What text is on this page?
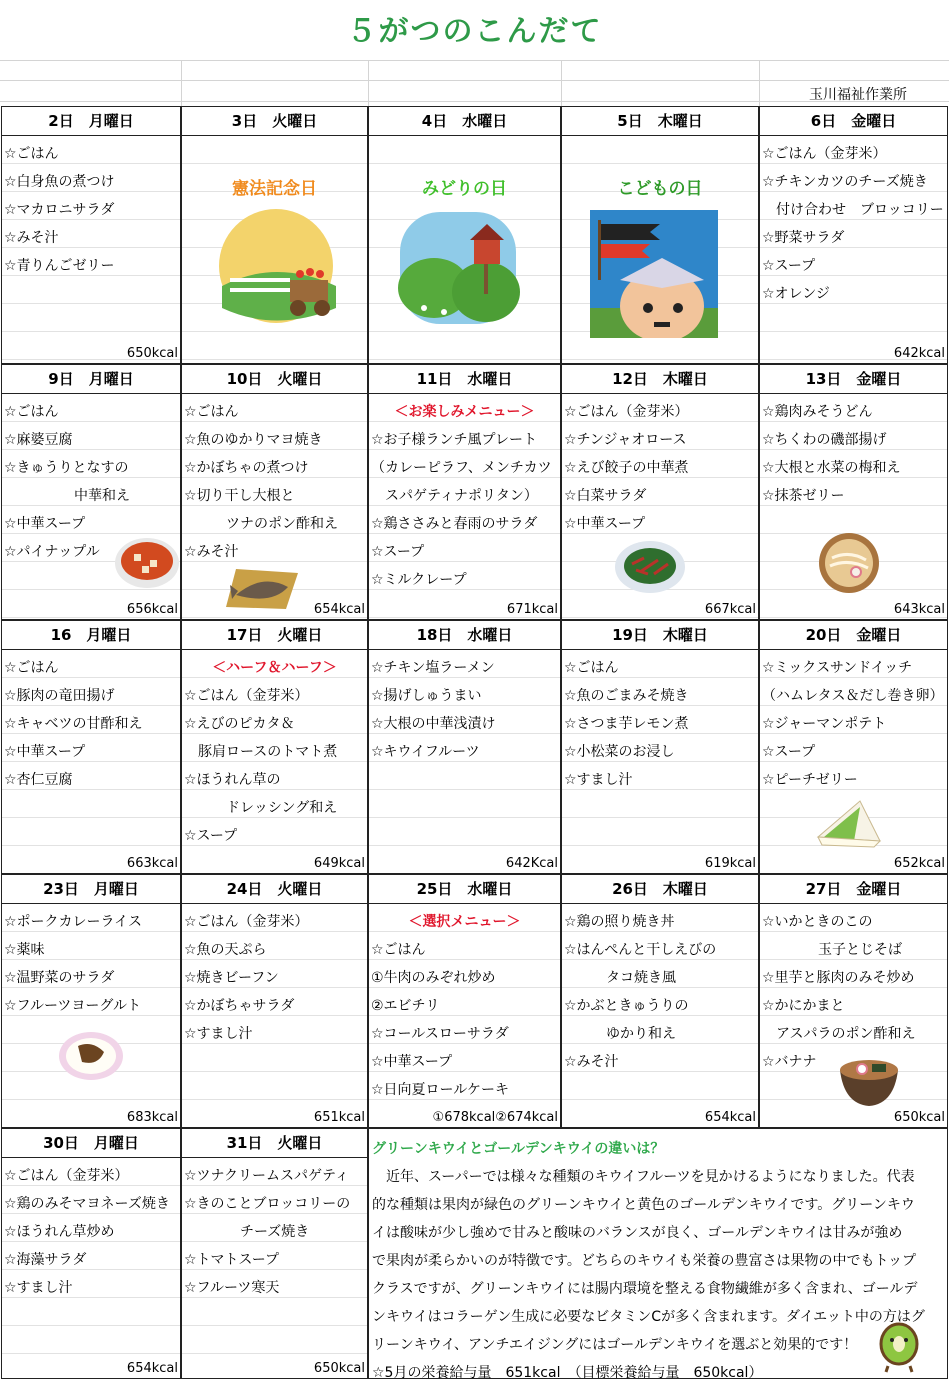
５がつのこんだて
玉川福祉作業所
2日　月曜日
☆ごはん
☆白身魚の煮つけ
☆マカロニサラダ
☆みそ汁
☆青りんごゼリー
650kcal
3日　火曜日
憲法記念日
4日　水曜日
みどりの日
5日　木曜日
こどもの日
6日　金曜日
☆ごはん（金芽米）
☆チキンカツのチーズ焼き
　付け合わせ　ブロッコリー
☆野菜サラダ
☆スープ
☆オレンジ
642kcal
9日　月曜日
☆ごはん
☆麻婆豆腐
☆きゅうりとなすの
　　　　　中華和え
☆中華スープ
☆パイナップル
656kcal
10日　火曜日
☆ごはん
☆魚のゆかりマヨ焼き
☆かぼちゃの煮つけ
☆切り干し大根と
　　　ツナのポン酢和え
☆みそ汁
654kcal
11日　水曜日
＜お楽しみメニュー＞
☆お子様ランチ風プレート
（カレーピラフ、メンチカツ
　スパゲティナポリタン）
☆鶏ささみと春雨のサラダ
☆スープ
☆ミルクレープ
671kcal
12日　木曜日
☆ごはん（金芽米）
☆チンジャオロース
☆えび餃子の中華煮
☆白菜サラダ
☆中華スープ
667kcal
13日　金曜日
☆鶏肉みそうどん
☆ちくわの磯部揚げ
☆大根と水菜の梅和え
☆抹茶ゼリー
643kcal
16　月曜日
☆ごはん
☆豚肉の竜田揚げ
☆キャベツの甘酢和え
☆中華スープ
☆杏仁豆腐
663kcal
17日　火曜日
＜ハーフ＆ハーフ＞
☆ごはん（金芽米）
☆えびのピカタ＆
　豚肩ロースのトマト煮
☆ほうれん草の
　　　ドレッシング和え
☆スープ
649kcal
18日　水曜日
☆チキン塩ラーメン
☆揚げしゅうまい
☆大根の中華浅漬け
☆キウイフルーツ
642Kcal
19日　木曜日
☆ごはん
☆魚のごまみそ焼き
☆さつま芋レモン煮
☆小松菜のお浸し
☆すまし汁
619kcal
20日　金曜日
☆ミックスサンドイッチ
（ハムレタス＆だし巻き卵）
☆ジャーマンポテト
☆スープ
☆ピーチゼリー
652kcal
23日　月曜日
☆ポークカレーライス
☆薬味
☆温野菜のサラダ
☆フルーツヨーグルト
683kcal
24日　火曜日
☆ごはん（金芽米）
☆魚の天ぷら
☆焼きビーフン
☆かぼちゃサラダ
☆すまし汁
651kcal
25日　水曜日
＜選択メニュー＞
☆ごはん
①牛肉のみぞれ炒め
②エビチリ
☆コールスローサラダ
☆中華スープ
☆日向夏ロールケーキ
①678kcal②674kcal
26日　木曜日
☆鶏の照り焼き丼
☆はんぺんと干しえびの
　　　タコ焼き風
☆かぶときゅうりの
　　　ゆかり和え
☆みそ汁
654kcal
27日　金曜日
☆いかときのこの
　　　　玉子とじそば
☆里芋と豚肉のみそ炒め
☆かにかまと
　アスパラのポン酢和え
☆バナナ
650kcal
30日　月曜日
☆ごはん（金芽米）
☆鶏のみそマヨネーズ焼き
☆ほうれん草炒め
☆海藻サラダ
☆すまし汁
654kcal
31日　火曜日
☆ツナクリームスパゲティ
☆きのことブロッコリーの
　　　　チーズ焼き
☆トマトスープ
☆フルーツ寒天
650kcal
グリーンキウイとゴールデンキウイの違いは？
　近年、スーパーでは様々な種類のキウイフルーツを見かけるようになりました。代表
的な種類は果肉が緑色のグリーンキウイと黄色のゴールデンキウイです。グリーンキウ
イは酸味が少し強めで甘みと酸味のバランスが良く、ゴールデンキウイは甘みが強め
で果肉が柔らかいのが特徴です。どちらのキウイも栄養の豊富さは果物の中でもトップ
クラスですが、グリーンキウイには腸内環境を整える食物繊維が多く含まれ、ゴールデ
ンキウイはコラーゲン生成に必要なビタミンCが多く含まれます。ダイエット中の方はグ
リーンキウイ、アンチエイジングにはゴールデンキウイを選ぶと効果的です！
☆5月の栄養給与量　651kcal　（目標栄養給与量　650kcal）
